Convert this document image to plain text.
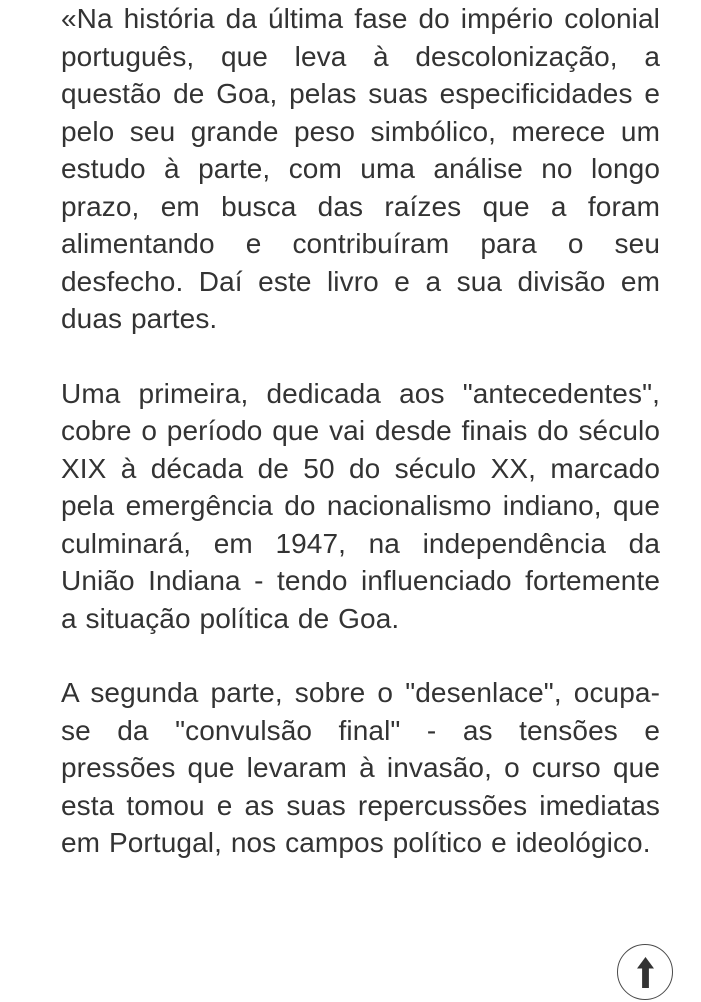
«Na história da última fase do império colonial português, que leva à descolonização, a questão de Goa, pelas suas especificidades e pelo seu grande peso simbólico, merece um estudo à parte, com uma análise no longo prazo, em busca das raízes que a foram alimentando e contribuíram para o seu desfecho. Daí este livro e a sua divisão em duas partes.

Uma primeira, dedicada aos "antecedentes", cobre o período que vai desde finais do século XIX à década de 50 do século XX, marcado pela emergência do nacionalismo indiano, que culminará, em 1947, na independência da União Indiana - tendo influenciado fortemente a situação política de Goa.

A segunda parte, sobre o "desenlace", ocupa-se da "convulsão final" - as tensões e pressões que levaram à invasão, o curso que esta tomou e as suas repercussões imediatas em Portugal, nos campos político e ideológico.
